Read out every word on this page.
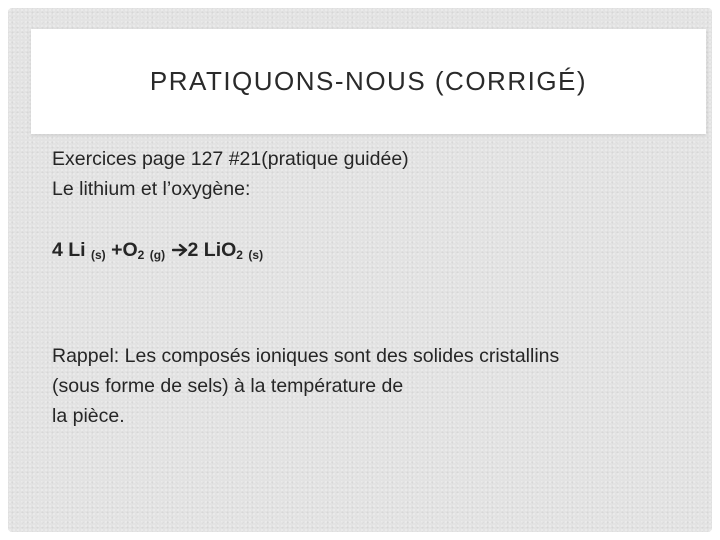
PRATIQUONS-NOUS (CORRIGÉ)
Exercices page 127 #21(pratique guidée)
Le lithium et l’oxygène:
4 Li $_{(s)} +O_2$ $_{(g)}$ 2 LiO$_2$ $_{(s)}$
Rappel: Les composés ioniques sont des solides cristallins
(sous forme de sels) à la température de
la pièce.
